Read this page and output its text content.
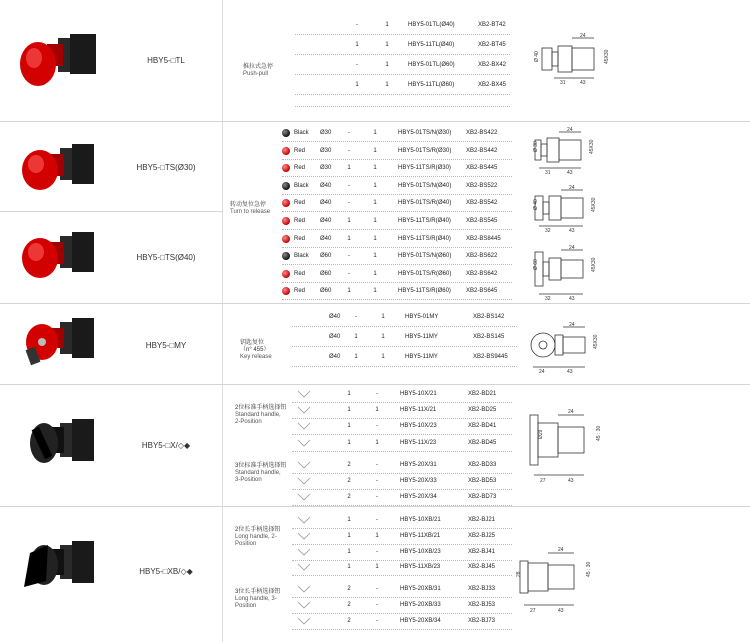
HBY5-□TL
推拉式急停
Push-pull
Ø 40
24
31	43
45X30
-	1	HBY5-01TL(Ø40)	XB2-BT42
1	1	HBY5-11TL(Ø40)	XB2-BT45
-	1	HBY5-01TL(Ø60)	XB2-BX42
1	1	HBY5-11TL(Ø60)	XB2-BX45
HBY5-□TS(Ø30)
HBY5-□TS(Ø40)
转动复位急停
Turn to release
Ø 30
24
31	43
45X30
Ø 40
24
32	43
45X30
Ø 60
24
32	43
45X30
Black Ø30	-	1	HBY5-01TS/N(Ø30) XB2-BS422
Red Ø30	-	1	HBY5-01TS/R(Ø30) XB2-BS442
Red Ø30	1	1	HBY5-11TS/R(Ø30)	XB2-BS445
Black Ø40	-	1	HBY5-01TS/N(Ø40) XB2-BS522
Red Ø40	-	1	HBY5-01TS/R(Ø40) XB2-BS542
Red Ø40	1	1	HBY5-11TS/R(Ø40)	XB2-BS545
Red Ø40	1	1	HBY5-11TS/R(Ø40)	XB2-BS8445
Black Ø60	-	1	HBY5-01TS/N(Ø60) XB2-BS622
Red Ø60	-	1	HBY5-01TS/R(Ø60) XB2-BS642
Red Ø60	1	1	HBY5-11TS/R(Ø60)	XB2-BS645
HBY5-□MY	钥匙复位
（n° 455）
Key release
24
43
24
45X30
Ø40	-	1	HBY5-01MY	XB2-BS142
Ø40 1	1	HBY5-11MY	XB2-BS145
Ø40 1	1	HBY5-11MY	XB2-BS9445
HBY5-□X/◇◆
2位标准手柄选择钮
Standard handle, 2-Position
3位标准手柄选择钮
Standard handle, 3-Position
Ø29
24
27	43
45 : 30
1	-	HBY5-10X/21	XB2-BD21
1	1	HBY5-11X/21	XB2-BD25
1	-	HBY5-10X/23	XB2-BD41
1	1	HBY5-11X/23	XB2-BD45
2	-	HBY5-20X/31	XB2-BD33
2	-	HBY5-20X/33	XB2-BD53
2	-	HBY5-20X/34	XB2-BD73
HBY5-□XB/◇◆
2位长手柄选择钮
Long handle, 2-Position
3位长手柄选择钮
Long handle, 3-Position
28
24
27	43
45 : 30
1	-	HBY5-10XB/21	XB2-BJ21
1	1	HBY5-11XB/21	XB2-BJ25
1	-	HBY5-10XB/23	XB2-BJ41
1	1	HBY5-11XB/23	XB2-BJ45
2	-	HBY5-20XB/31	XB2-BJ33
2	-	HBY5-20XB/33	XB2-BJ53
2	-	HBY5-20XB/34	XB2-BJ73
